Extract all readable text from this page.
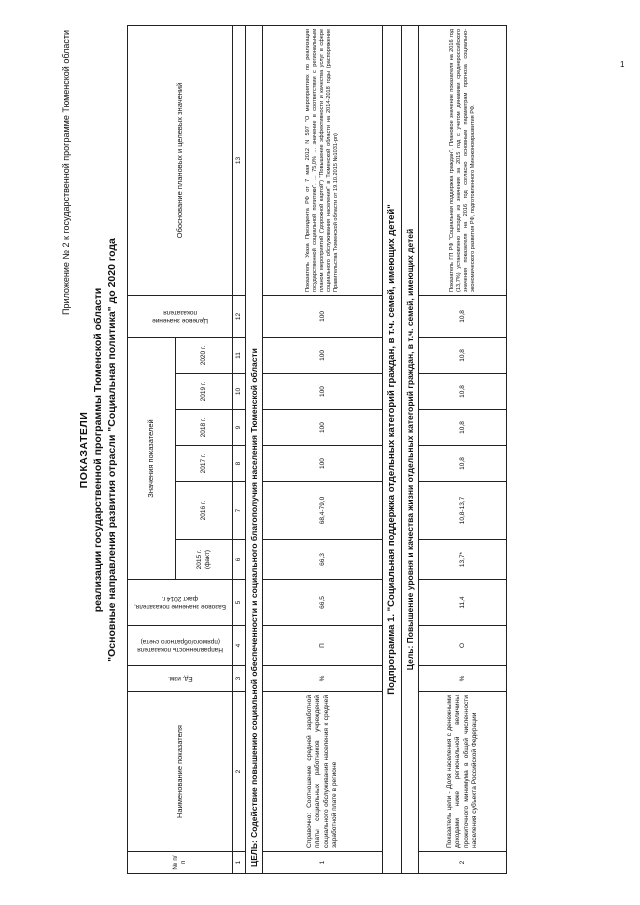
1
Приложение № 2 к государственной программе Тюменской области
ПОКАЗАТЕЛИ реализации государственной программы Тюменской области "Основные направления развития отрасли "Социальная политика" до 2020 года
№ п/п	Наименование показателя	Ед. изм.	Направленность показателя (прямого/обратного счета)	Базовое значение показателя, факт 2014 г.	Значения показателей						Целевое значение показателя	Обоснование плановых и целевых значений
					2015 г. (факт)	2016 г.	2017 г.	2018 г.	2019 г.	2020 г.		
1	2	3	4	5	6	7	8	9	10	11	12	13
ЦЕЛЬ: Содействие повышению социальной обеспеченности и социального благополучия населения Тюменской области												
1	Справочно: Соотношение средней заработной платы социальных работников учреждений социального обслуживания населения к средней заработной плате в регионе	%	П	66,5	66,3	68,4-79,0	100	100	100	100	100	Показатель Указа Президента РФ от 7 мая 2012 N 597 "О мероприятиях по реализации государственной социальной политики". ... 75,0% ... значение в соответствии с региональным планом мероприятий ("дорожной картой") "Повышение эффективности и качества услуг в сфере социального обслуживания населения" в Тюменской области на 2014-2018 годы (распоряжение Правительства Тюменской области от 19.10.2015 №1031-рп)
Подпрограмма 1. "Социальная поддержка отдельных категорий граждан, в т.ч. семей, имеющих детей"												
Цель: Повышение уровня и качества жизни отдельных категорий граждан, в т.ч. семей, имеющих детей												
2	Показатель цели - Доля населения с денежными доходами ниже региональной величины прожиточного минимума в общей численности населения субъекта Российской Федерации	%	О	11,4	13,7*	10,8-13,7	10,8	10,8	10,8	10,8	10,8	Показатель ГП РФ "Социальная поддержка граждан". Плановое значение показателя на 2016 год (13,7%) установлено исходя из значения за 2015 год с учетом динамики среднероссийского значения показателя на 2016 год согласно основным параметрам прогноза социально-экономического развития РФ, подготовленного Минэкономразвития РФ.
